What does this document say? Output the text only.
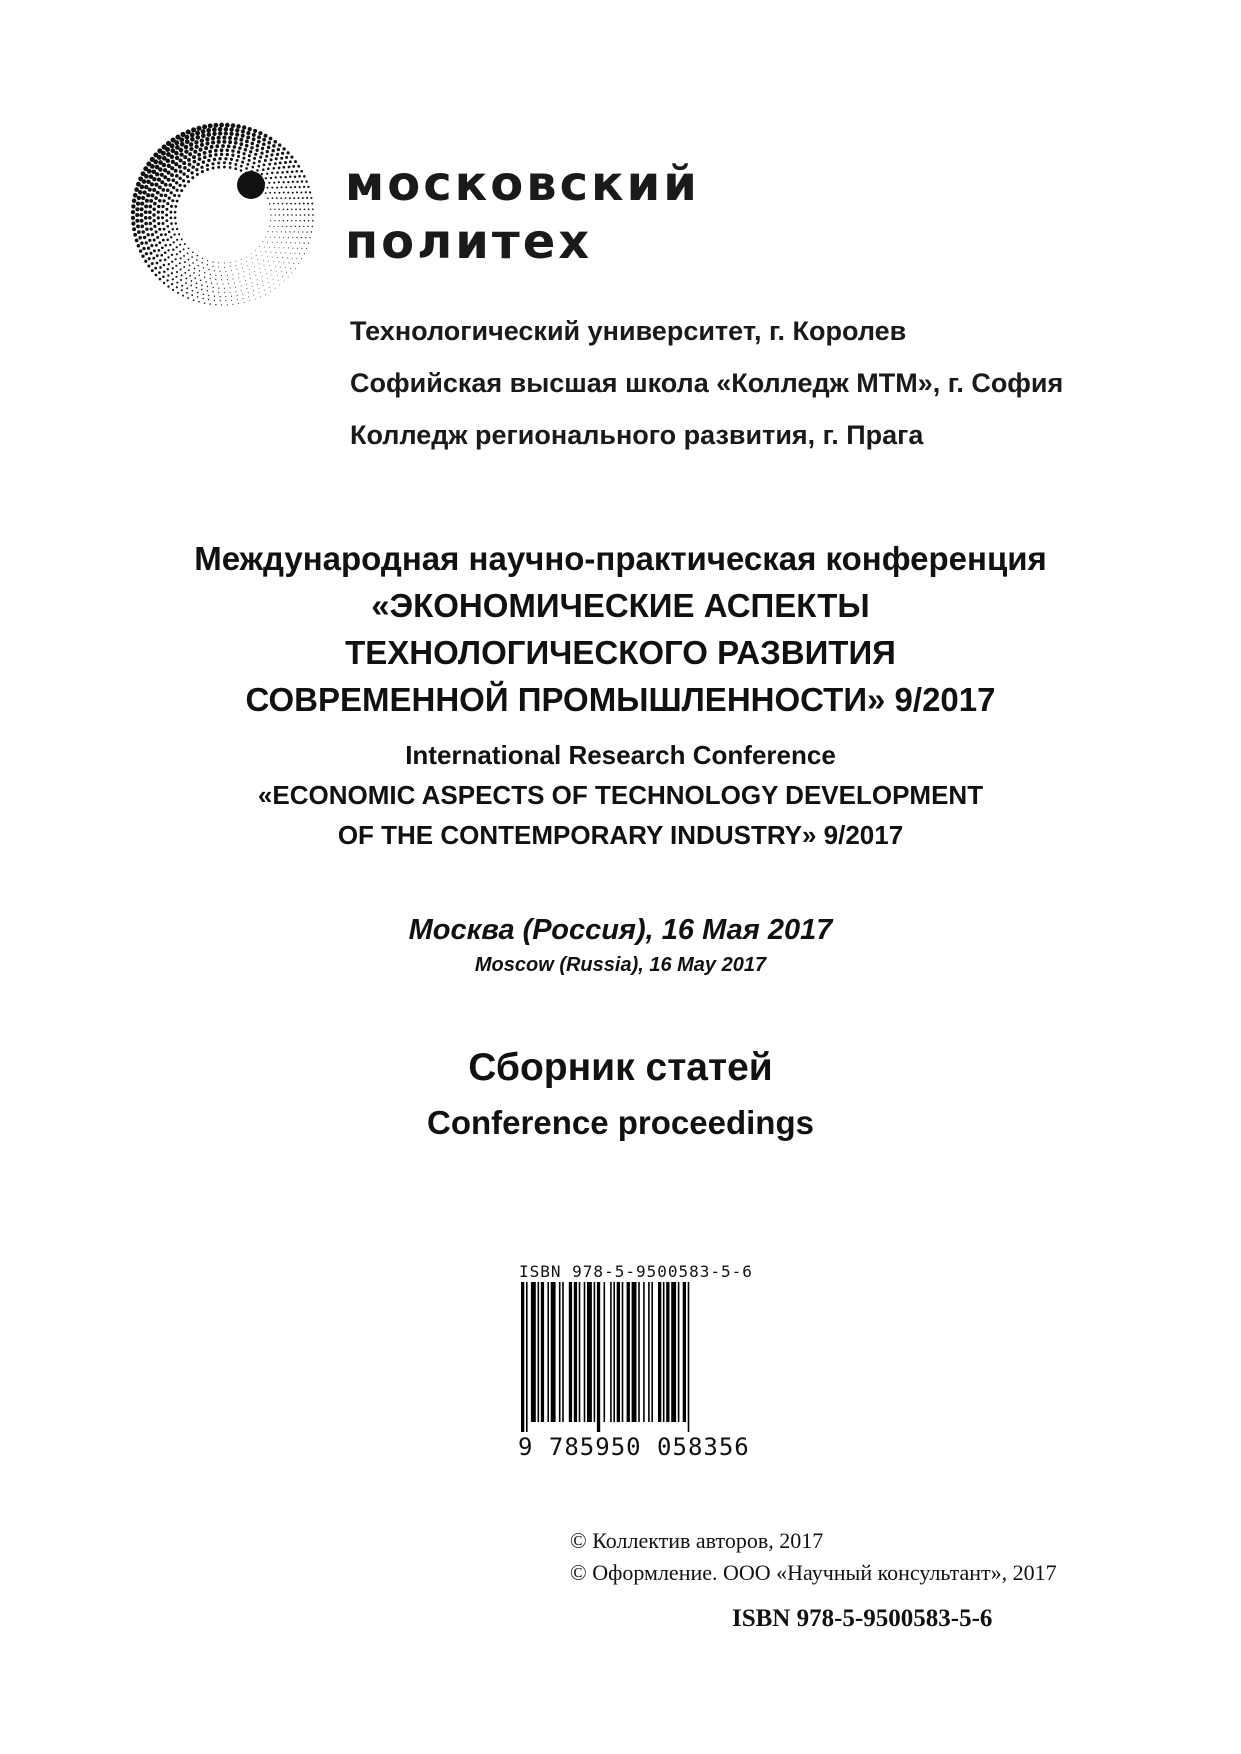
московский
политех
Технологический университет, г. Королев
Софийская высшая школа «Колледж МТМ», г. София
Колледж регионального развития, г. Прага
Международная научно-практическая конференция
«ЭКОНОМИЧЕСКИЕ АСПЕКТЫ
ТЕХНОЛОГИЧЕСКОГО РАЗВИТИЯ
СОВРЕМЕННОЙ ПРОМЫШЛЕННОСТИ» 9/2017
International Research Conference
«ECONOMIC ASPECTS OF TECHNOLOGY DEVELOPMENT
OF THE CONTEMPORARY INDUSTRY» 9/2017
Москва (Россия), 16 Мая 2017
Moscow (Russia), 16 May 2017
Сборник статей
Conference proceedings
ISBN 978-5-9500583-5-6
9 785950 058356
© Коллектив авторов, 2017
© Оформление. ООО «Научный консультант», 2017
ISBN 978-5-9500583-5-6
